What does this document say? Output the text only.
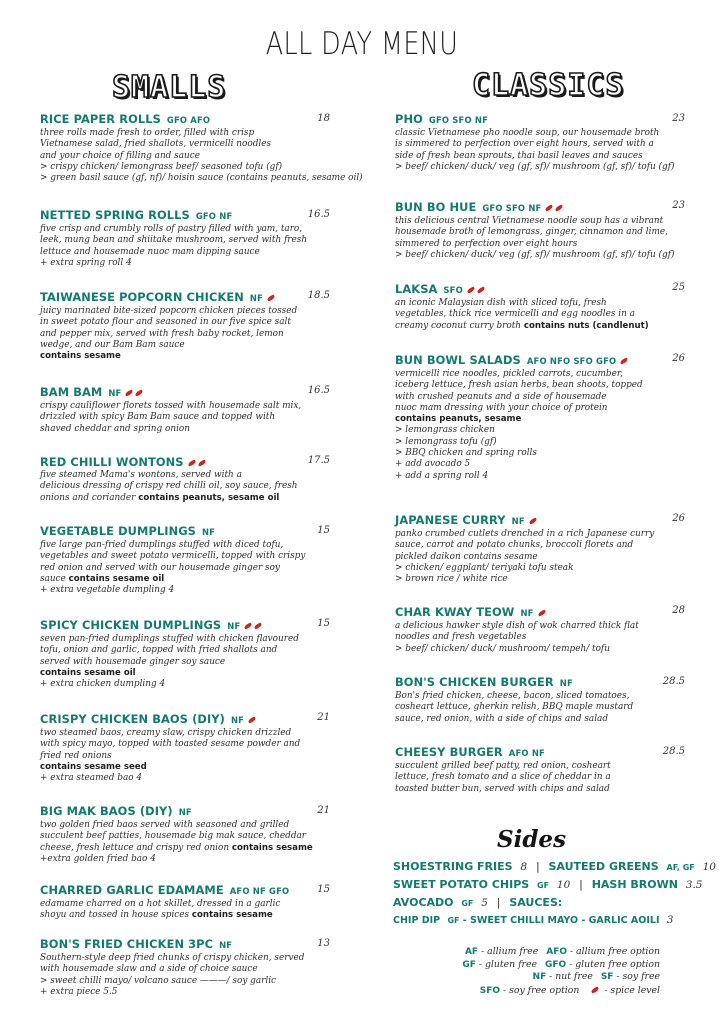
ALL DAY MENU
SMALLS	CLASSICS
RICE PAPER ROLLS GFO AFO	18
three rolls made fresh to order, filled with crisp
Vietnamese salad, fried shallots, vermicelli noodles
and your choice of filling and sauce
> crispy chicken/ lemongrass beef/ seasoned tofu (gf)
> green basil sauce (gf, nf)/ hoisin sauce (contains peanuts, sesame oil)
NETTED SPRING ROLLS GFO NF	16.5
five crisp and crumbly rolls of pastry filled with yam, taro,
leek, mung bean and shiitake mushroom, served with fresh
lettuce and housemade nuoc mam dipping sauce
+ extra spring roll 4
TAIWANESE POPCORN CHICKEN NF	18.5
juicy marinated bite-sized popcorn chicken pieces tossed
in sweet potato flour and seasoned in our five spice salt
and pepper mix, served with fresh baby rocket, lemon
wedge, and our Bam Bam sauce
contains sesame
BAM BAM NF	16.5
crispy cauliflower florets tossed with housemade salt mix,
drizzled with spicy Bam Bam sauce and topped with
shaved cheddar and spring onion
RED CHILLI WONTONS	17.5
five steamed Mama's wontons, served with a
delicious dressing of crispy red chilli oil, soy sauce, fresh
onions and coriander contains peanuts, sesame oil
VEGETABLE DUMPLINGS NF	15
five large pan-fried dumplings stuffed with diced tofu,
vegetables and sweet potato vermicelli, topped with crispy
red onion and served with our housemade ginger soy
sauce contains sesame oil
+ extra vegetable dumpling 4
SPICY CHICKEN DUMPLINGS NF	15
seven pan-fried dumplings stuffed with chicken flavoured
tofu, onion and garlic, topped with fried shallots and
served with housemade ginger soy sauce
contains sesame oil
+ extra chicken dumpling 4
CRISPY CHICKEN BAOS (DIY) NF	21
two steamed baos, creamy slaw, crispy chicken drizzled
with spicy mayo, topped with toasted sesame powder and
fried red onions
contains sesame seed
+ extra steamed bao 4
BIG MAK BAOS (DIY) NF	21
two golden fried baos served with seasoned and grilled
succulent beef patties, housemade big mak sauce, cheddar
cheese, fresh lettuce and crispy red onion contains sesame
+extra golden fried bao 4
CHARRED GARLIC EDAMAME AFO NF GFO	15
edamame charred on a hot skillet, dressed in a garlic
shoyu and tossed in house spices contains sesame
BON'S FRIED CHICKEN 3PC NF	13
Southern-style deep fried chunks of crispy chicken, served
with housemade slaw and a side of choice sauce
> sweet chilli mayo/ volcano sauce ———/ soy garlic
+ extra piece 5.5
PHO GFO SFO NF	23
classic Vietnamese pho noodle soup, our housemade broth
is simmered to perfection over eight hours, served with a
side of fresh bean sprouts, thai basil leaves and sauces
> beef/ chicken/ duck/ veg (gf, sf)/ mushroom (gf, sf)/ tofu (gf)
BUN BO HUE GFO SFO NF	23
this delicious central Vietnamese noodle soup has a vibrant
housemade broth of lemongrass, ginger, cinnamon and lime,
simmered to perfection over eight hours
> beef/ chicken/ duck/ veg (gf, sf)/ mushroom (gf, sf)/ tofu (gf)
LAKSA SFO	25
an iconic Malaysian dish with sliced tofu, fresh
vegetables, thick rice vermicelli and egg noodles in a
creamy coconut curry broth contains nuts (candlenut)
BUN BOWL SALADS AFO NFO SFO GFO	26
vermicelli rice noodles, pickled carrots, cucumber,
iceberg lettuce, fresh asian herbs, bean shoots, topped
with crushed peanuts and a side of housemade
nuoc mam dressing with your choice of protein
contains peanuts, sesame
> lemongrass chicken
> lemongrass tofu (gf)
> BBQ chicken and spring rolls
+ add avocado 5
+ add a spring roll 4
JAPANESE CURRY NF	26
panko crumbed cutlets drenched in a rich Japanese curry
sauce, carrot and potato chunks, broccoli florets and
pickled daikon contains sesame
> chicken/ eggplant/ teriyaki tofu steak
> brown rice / white rice
CHAR KWAY TEOW NF	28
a delicious hawker style dish of wok charred thick flat
noodles and fresh vegetables
> beef/ chicken/ duck/ mushroom/ tempeh/ tofu
BON'S CHICKEN BURGER NF	28.5
Bon's fried chicken, cheese, bacon, sliced tomatoes,
cosheart lettuce, gherkin relish, BBQ maple mustard
sauce, red onion, with a side of chips and salad
CHEESY BURGER AFO NF	28.5
succulent grilled beef patty, red onion, cosheart
lettuce, fresh tomato and a slice of cheddar in a
toasted butter bun, served with chips and salad
Sides
SHOESTRING FRIES 8 | SAUTEED GREENS AF, GF 10
SWEET POTATO CHIPS GF 10 | HASH BROWN 3.5
AVOCADO GF 5 | SAUCES:
CHIP DIP GF - SWEET CHILLI MAYO - GARLIC AOILI 3
AF - allium free AFO - allium free option
GF - gluten free GFO - gluten free option
NF - nut free SF - soy free
SFO - soy free option - spice level
